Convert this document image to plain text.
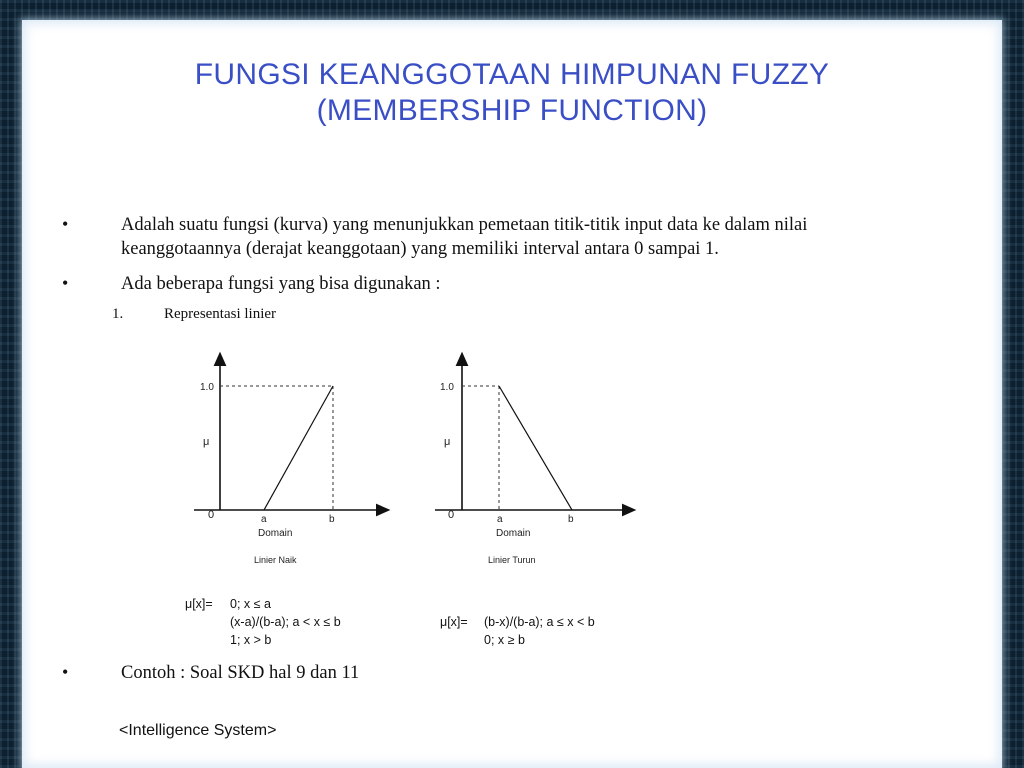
FUNGSI KEANGGOTAAN HIMPUNAN FUZZY
(MEMBERSHIP FUNCTION)
•	Adalah suatu fungsi (kurva) yang menunjukkan pemetaan titik-titik input data ke dalam nilai
keanggotaannya (derajat keanggotaan) yang memiliki interval antara 0 sampai 1.
•	Ada beberapa fungsi yang bisa digunakan :
1.	Representasi linier
1.0
μ
0	a	b
Domain
Linier Naik
μ[x]= 0; x ≤ a
(x-a)/(b-a); a < x ≤ b
1; x > b
1.0
μ
0	a	b
Domain
Linier Turun
μ[x]= (b-x)/(b-a); a ≤ x < b
0; x ≥ b
•	Contoh : Soal SKD hal 9 dan 11
<Intelligence System>
